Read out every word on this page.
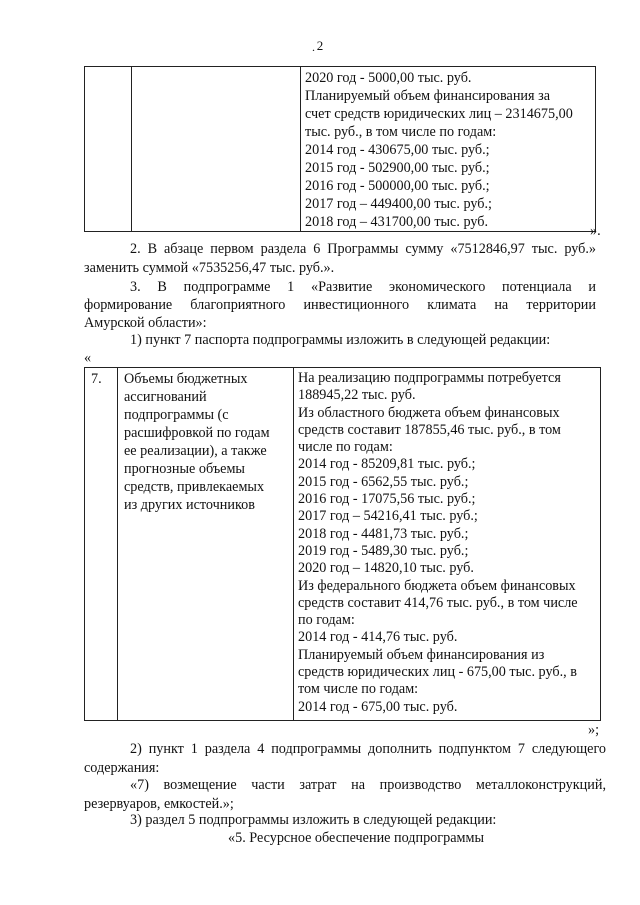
. 2

2020 год - 5000,00 тыс. руб.
Планируемый объем финансирования за
счет средств юридических лиц – 2314675,00
тыс. руб., в том числе по годам:
2014 год - 430675,00 тыс. руб.;
2015 год - 502900,00 тыс. руб.;
2016 год - 500000,00 тыс. руб.;
2017 год – 449400,00 тыс. руб.;
2018 год – 431700,00 тыс. руб.
».
2. В абзаце первом раздела 6 Программы сумму «7512846,97 тыс. руб.»
заменить суммой «7535256,47 тыс. руб.».
3. В подпрограмме 1 «Развитие экономического потенциала и
формирование благоприятного инвестиционного климата на территории
Амурской области»:
1) пункт 7 паспорта подпрограммы изложить в следующей редакции:
«
7.	Объемы бюджетных
ассигнований
подпрограммы (с
расшифровкой по годам
ее реализации), а также
прогнозные объемы
средств, привлекаемых
из других источников

На реализацию подпрограммы потребуется
188945,22 тыс. руб.
Из областного бюджета объем финансовых
средств составит 187855,46 тыс. руб., в том
числе по годам:
2014 год - 85209,81 тыс. руб.;
2015 год - 6562,55 тыс. руб.;
2016 год - 17075,56 тыс. руб.;
2017 год – 54216,41 тыс. руб.;
2018 год - 4481,73 тыс. руб.;
2019 год - 5489,30 тыс. руб.;
2020 год – 14820,10 тыс. руб.
Из федерального бюджета объем финансовых
средств составит 414,76 тыс. руб., в том числе
по годам:
2014 год - 414,76 тыс. руб.
Планируемый объем финансирования из
средств юридических лиц - 675,00 тыс. руб., в
том числе по годам:
2014 год - 675,00 тыс. руб.
»;
2) пункт 1 раздела 4 подпрограммы дополнить подпунктом 7 следующего
содержания:
«7) возмещение части затрат на производство металлоконструкций,
резервуаров, емкостей.»;
3) раздел 5 подпрограммы изложить в следующей редакции:
«5. Ресурсное обеспечение подпрограммы
